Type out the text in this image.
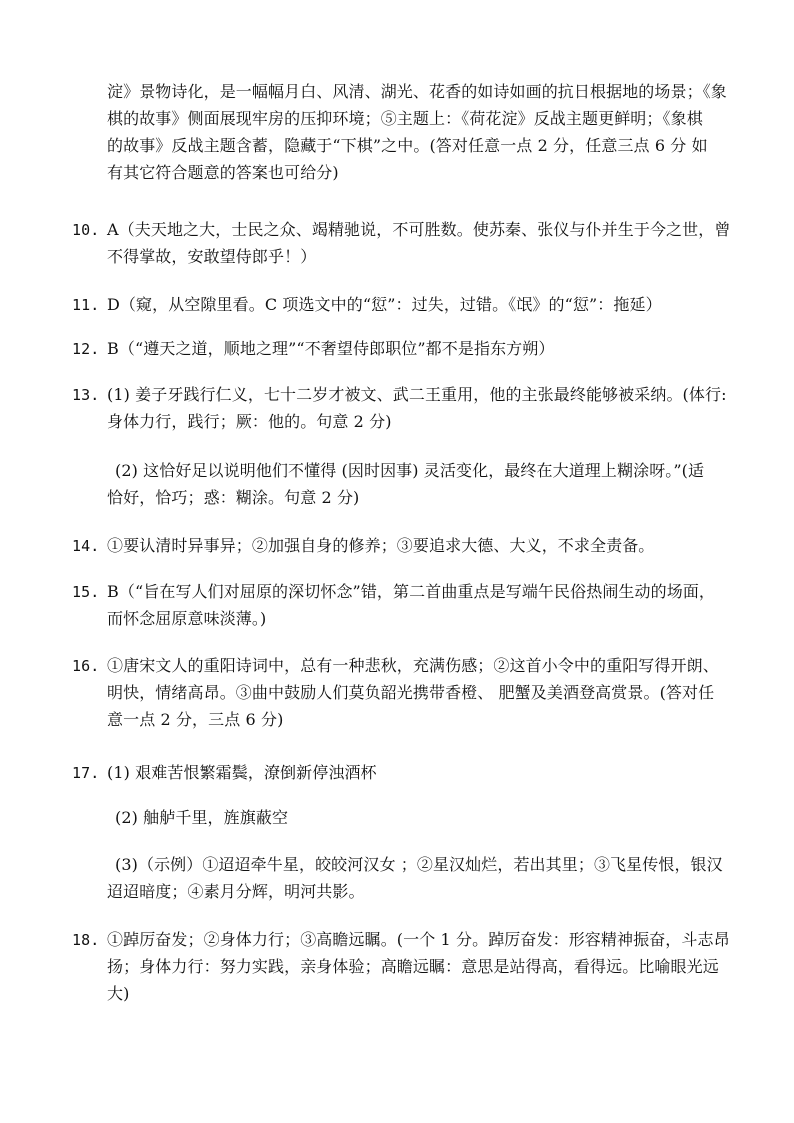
淀》景物诗化，是一幅幅月白、风清、湖光、花香的如诗如画的抗日根据地的场景；《象
棋的故事》侧面展现牢房的压抑环境；⑤主题上：《荷花淀》反战主题更鲜明；《象棋
的故事》反战主题含蓄，隐藏于“下棋”之中。(答对任意一点 2 分，任意三点 6 分 如
有其它符合题意的答案也可给分)
10. A（夫天地之大，士民之众、竭精驰说，不可胜数。使苏秦、张仪与仆并生于今之世，曾
不得掌故，安敢望侍郎乎！）
11. D（窥，从空隙里看。C 项选文中的“愆”：过失，过错。《氓》的“愆”：拖延）
12. B（“遵天之道，顺地之理”“不奢望侍郎职位”都不是指东方朔）
13. (1) 姜子牙践行仁义，七十二岁才被文、武二王重用，他的主张最终能够被采纳。(体行:
身体力行，践行；厥：他的。句意 2 分)
(2) 这恰好足以说明他们不懂得 (因时因事) 灵活变化，最终在大道理上糊涂呀。”(适
恰好，恰巧；惑：糊涂。句意 2 分)
14. ①要认清时异事异；②加强自身的修养；③要追求大德、大义，不求全责备。
15. B（“旨在写人们对屈原的深切怀念”错，第二首曲重点是写端午民俗热闹生动的场面，
而怀念屈原意味淡薄。)
16. ①唐宋文人的重阳诗词中，总有一种悲秋，充满伤感；②这首小令中的重阳写得开朗、
明快，情绪高昂。③曲中鼓励人们莫负韶光携带香橙、 肥蟹及美酒登高赏景。(答对任
意一点 2 分，三点 6 分)
17. (1) 艰难苦恨繁霜鬓，潦倒新停浊酒杯
(2) 舳舻千里，旌旗蔽空
(3)（示例）①迢迢牵牛星，皎皎河汉女 ；②星汉灿烂，若出其里；③飞星传恨，银汉
迢迢暗度；④素月分辉，明河共影。
18. ①踔厉奋发；②身体力行；③高瞻远瞩。(一个 1 分。踔厉奋发：形容精神振奋，斗志昂
扬；身体力行：努力实践，亲身体验；高瞻远瞩：意思是站得高，看得远。比喻眼光远
大)
